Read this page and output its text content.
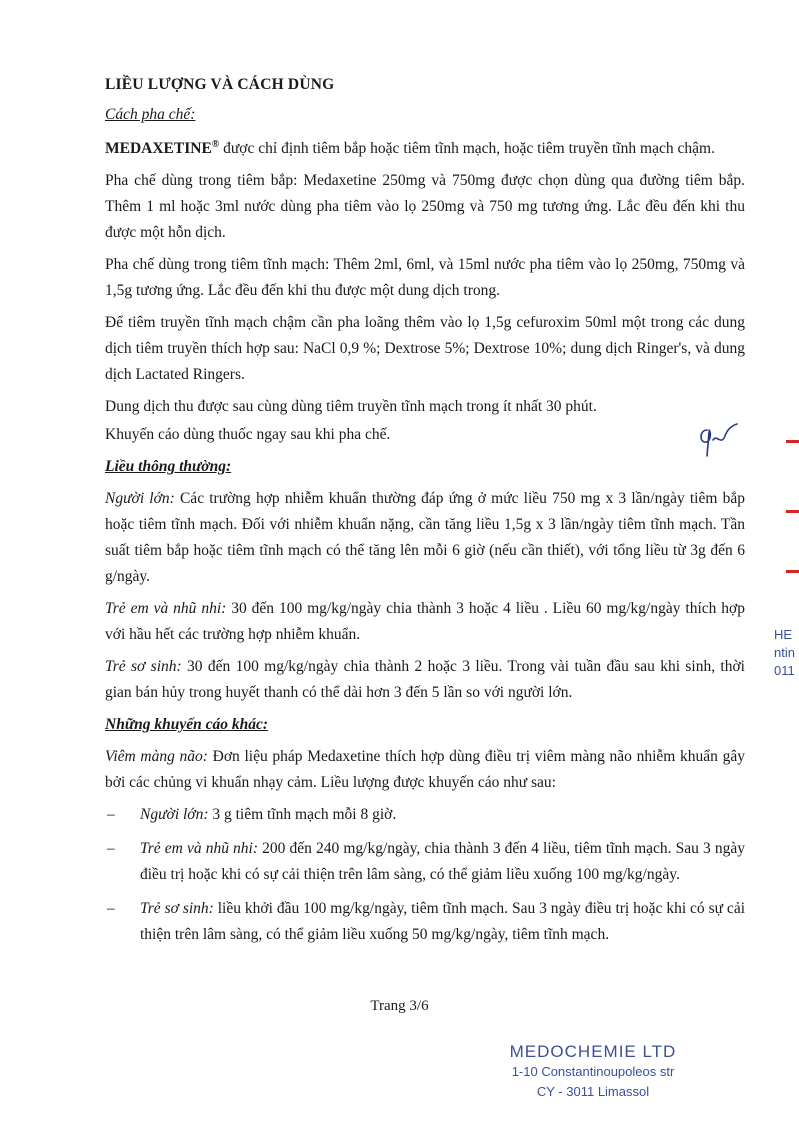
LIỀU LƯỢNG VÀ CÁCH DÙNG
Cách pha chế:

MEDAXETINE® được chỉ định tiêm bắp hoặc tiêm tĩnh mạch, hoặc tiêm truyền tĩnh mạch chậm.

Pha chế dùng trong tiêm bắp: Medaxetine 250mg và 750mg được chọn dùng qua đường tiêm bắp. Thêm 1 ml hoặc 3ml nước dùng pha tiêm vào lọ 250mg và 750 mg tương ứng. Lắc đều đến khi thu được một hỗn dịch.

Pha chế dùng trong tiêm tĩnh mạch: Thêm 2ml, 6ml, và 15ml nước pha tiêm vào lọ 250mg, 750mg và 1,5g tương ứng. Lắc đều đến khi thu được một dung dịch trong.

Để tiêm truyền tĩnh mạch chậm cần pha loãng thêm vào lọ 1,5g cefuroxim 50ml một trong các dung dịch tiêm truyền thích hợp sau: NaCl 0,9 %; Dextrose 5%; Dextrose 10%; dung dịch Ringer's, và dung dịch Lactated Ringers.

Dung dịch thu được sau cùng dùng tiêm truyền tĩnh mạch trong ít nhất 30 phút.

Khuyến cáo dùng thuốc ngay sau khi pha chế.

Liều thông thường:

Người lớn: Các trường hợp nhiễm khuẩn thường đáp ứng ở mức liều 750 mg x 3 lần/ngày tiêm bắp hoặc tiêm tĩnh mạch. Đối với nhiễm khuẩn nặng, cần tăng liều 1,5g x 3 lần/ngày tiêm tĩnh mạch. Tần suất tiêm bắp hoặc tiêm tĩnh mạch có thể tăng lên mỗi 6 giờ (nếu cần thiết), với tổng liều từ 3g đến 6 g/ngày.

Trẻ em và nhũ nhi: 30 đến 100 mg/kg/ngày chia thành 3 hoặc 4 liều . Liều 60 mg/kg/ngày thích hợp với hầu hết các trường hợp nhiễm khuẩn.

Trẻ sơ sinh: 30 đến 100 mg/kg/ngày chia thành 2 hoặc 3 liều. Trong vài tuần đầu sau khi sinh, thời gian bán hủy trong huyết thanh có thể dài hơn 3 đến 5 lần so với người lớn.

Những khuyến cáo khác:

Viêm màng não: Đơn liệu pháp Medaxetine thích hợp dùng điều trị viêm màng não nhiễm khuẩn gây bởi các chủng vi khuẩn nhạy cảm. Liều lượng được khuyến cáo như sau:

– Người lớn: 3 g tiêm tĩnh mạch mỗi 8 giờ.
– Trẻ em và nhũ nhi: 200 đến 240 mg/kg/ngày, chia thành 3 đến 4 liều, tiêm tĩnh mạch. Sau 3 ngày điều trị hoặc khi có sự cải thiện trên lâm sàng, có thể giảm liều xuống 100 mg/kg/ngày.
– Trẻ sơ sinh: liều khởi đầu 100 mg/kg/ngày, tiêm tĩnh mạch. Sau 3 ngày điều trị hoặc khi có sự cải thiện trên lâm sàng, có thể giảm liều xuống 50 mg/kg/ngày, tiêm tĩnh mạch.
HE
ntin
011
Trang 3/6
MEDOCHEMIE LTD
1-10 Constantinoupoleos str
CY - 3011 Limassol
